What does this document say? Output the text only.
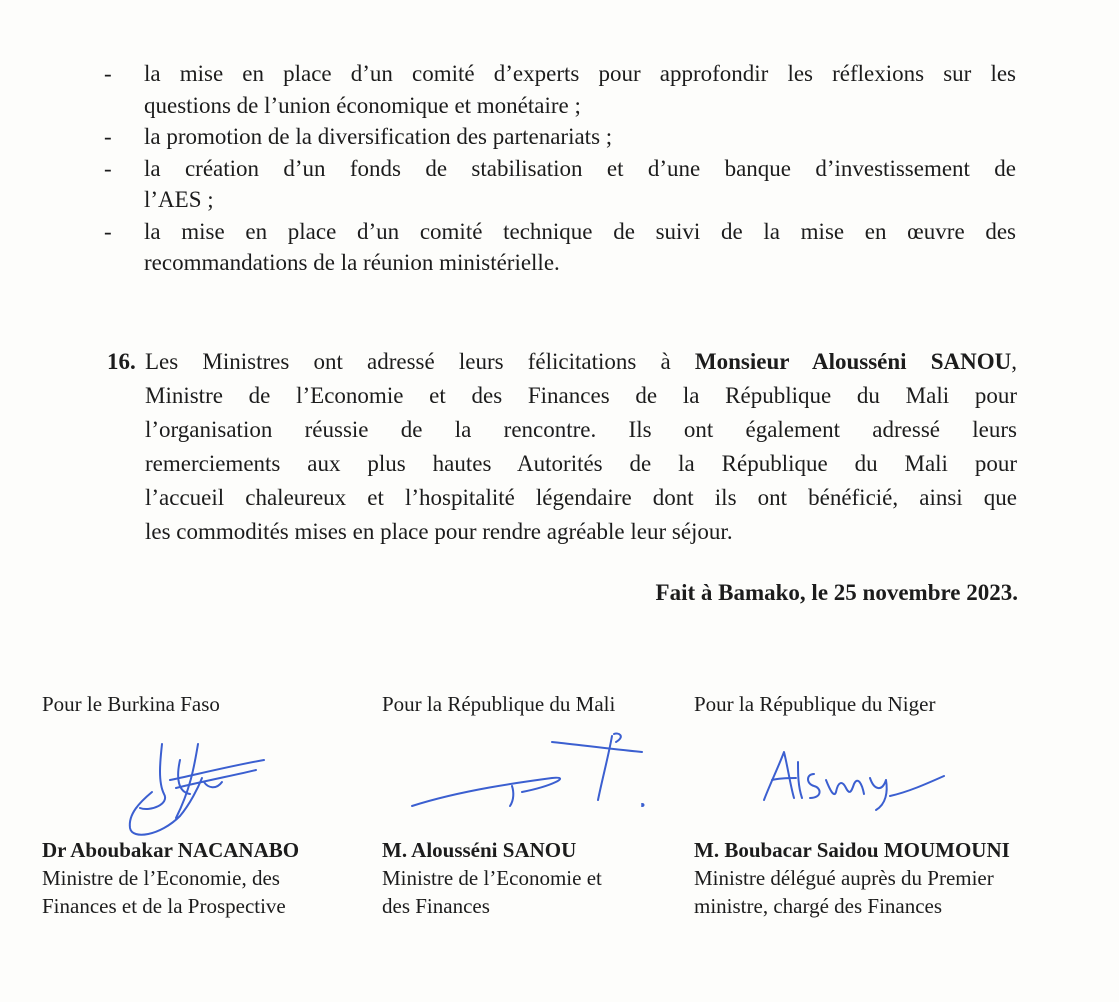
- la mise en place d’un comité d’experts pour approfondir les réflexions sur les
questions de l’union économique et monétaire ;
- la promotion de la diversification des partenariats ;
- la création d’un fonds de stabilisation et d’une banque d’investissement de
l’AES ;
- la mise en place d’un comité technique de suivi de la mise en œuvre des
recommandations de la réunion ministérielle.
16. Les Ministres ont adressé leurs félicitations à Monsieur Alousséni SANOU,
Ministre de l’Economie et des Finances de la République du Mali pour
l’organisation réussie de la rencontre. Ils ont également adressé leurs
remerciements aux plus hautes Autorités de la République du Mali pour
l’accueil chaleureux et l’hospitalité légendaire dont ils ont bénéficié, ainsi que
les commodités mises en place pour rendre agréable leur séjour.
Fait à Bamako, le 25 novembre 2023.
Pour le Burkina Faso
Dr Aboubakar NACANABO
Ministre de l’Economie, des
Finances et de la Prospective
Pour la République du Mali
M. Alousséni SANOU
Ministre de l’Economie et
des Finances
Pour la République du Niger
M. Boubacar Saidou MOUMOUNI
Ministre délégué auprès du Premier
ministre, chargé des Finances
